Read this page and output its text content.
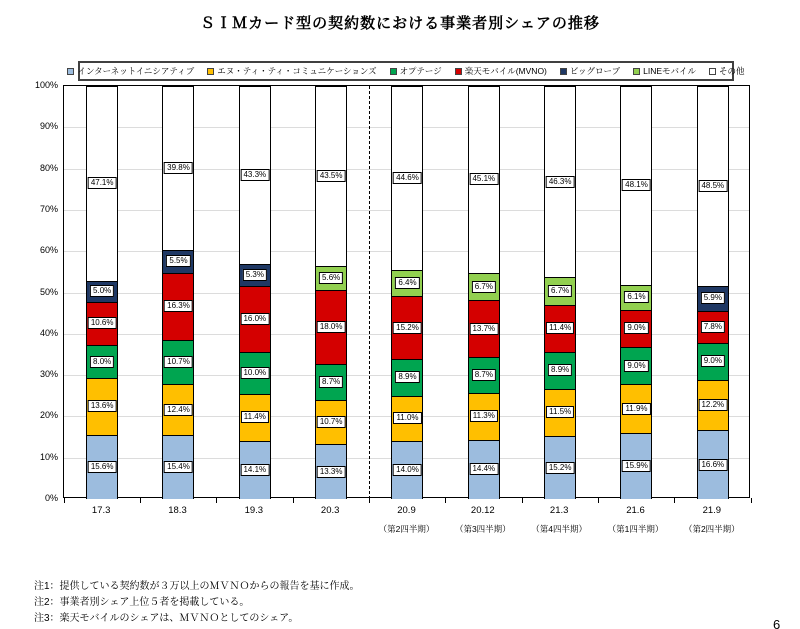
ＳＩＭカード型の契約数における事業者別シェアの推移
インターネットイニシアティブ	エヌ・ティ・ティ・コミュニケーションズ	オプテージ	楽天モバイル(MVNO)	ビッグローブ	LINEモバイル	その他
0%
10%
20%
30%
40%
50%
60%
70%
80%
90%
100%
15.6%
13.6%
8.0%
10.6%
5.0%
47.1%
15.4%
12.4%
10.7%
16.3%
5.5%
39.8%
14.1%
11.4%
10.0%
16.0%
5.3%
43.3%
13.3%
10.7%
8.7%
18.0%
5.6%
43.5%
14.0%
11.0%
8.9%
15.2%
6.4%
44.6%
14.4%
11.3%
8.7%
13.7%
6.7%
45.1%
15.2%
11.5%
8.9%
11.4%
6.7%
46.3%
15.9%
11.9%
9.0%
9.0%
6.1%
48.1%
16.6%
12.2%
9.0%
7.8%
5.9%
48.5%
17.3	18.3	19.3	20.3	20.9
（第2四半期）
20.12
（第3四半期）
21.3
（第4四半期）
21.6
（第1四半期）
21.9
（第2四半期）
注1：提供している契約数が３万以上のＭＶＮＯからの報告を基に作成。
注2：事業者別シェア上位５者を掲載している。
注3：楽天モバイルのシェアは、ＭＶＮＯとしてのシェア。	6
